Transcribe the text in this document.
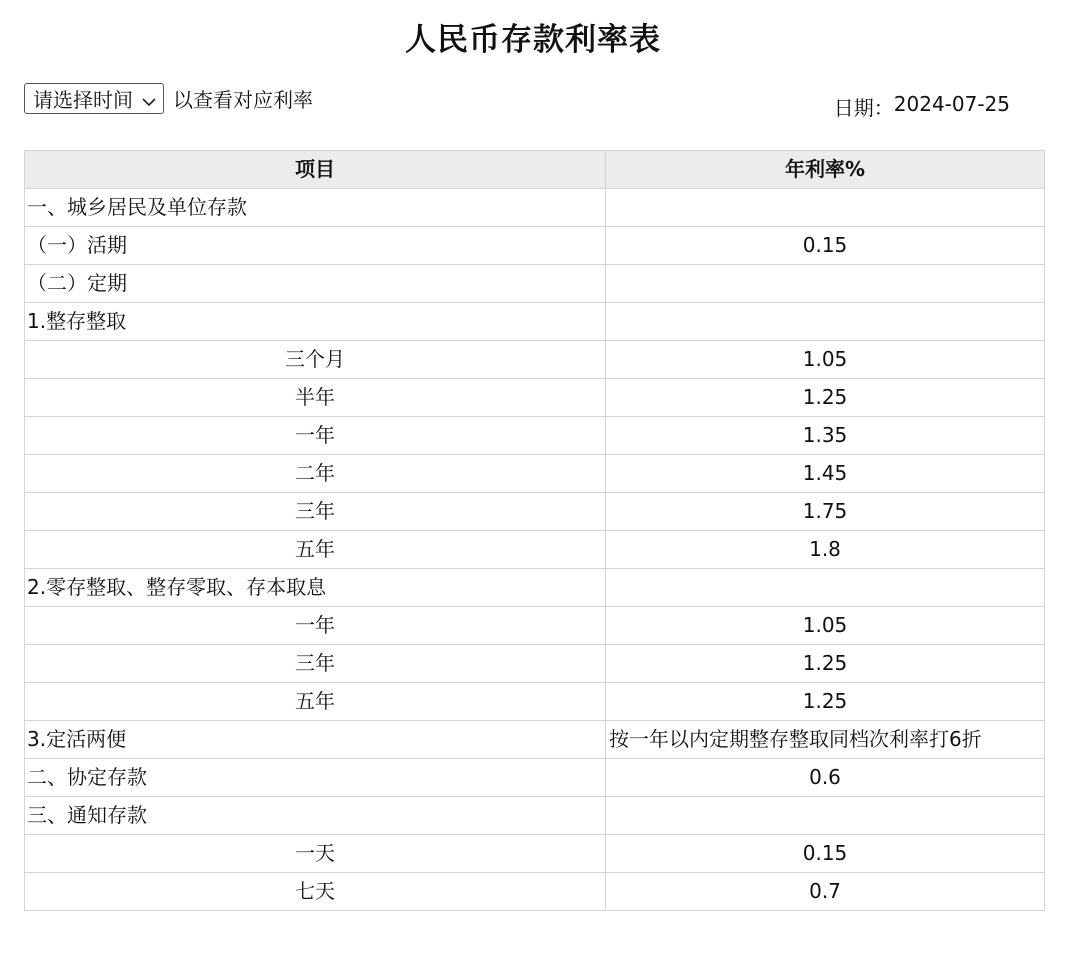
人民币存款利率表
请选择时间 以查看对应利率	日期： 2024-07-25
项目	年利率%
一、城乡居民及单位存款	
（一）活期	0.15
（二）定期	
1.整存整取	
三个月	1.05
半年	1.25
一年	1.35
二年	1.45
三年	1.75
五年	1.8
2.零存整取、整存零取、存本取息	
一年	1.05
三年	1.25
五年	1.25
3.定活两便	按一年以内定期整存整取同档次利率打6折
二、协定存款	0.6
三、通知存款	
一天	0.15
七天	0.7
